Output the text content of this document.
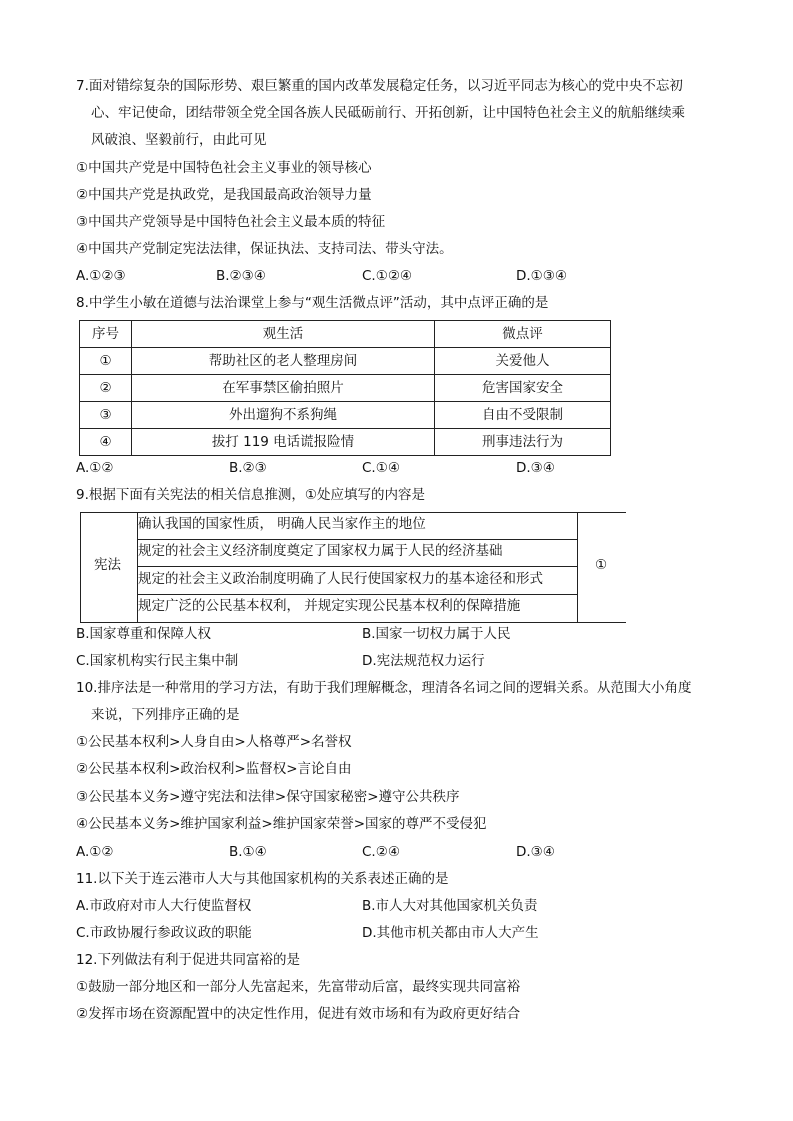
7.面对错综复杂的国际形势、艰巨繁重的国内改革发展稳定任务，以习近平同志为核心的党中央不忘初
心、牢记使命，团结带领全党全国各族人民砥砺前行、开拓创新，让中国特色社会主义的航船继续乘
风破浪、坚毅前行，由此可见
①中国共产党是中国特色社会主义事业的领导核心
②中国共产党是执政党，是我国最高政治领导力量
③中国共产党领导是中国特色社会主义最本质的特征
④中国共产党制定宪法法律，保证执法、支持司法、带头守法。
A.①②③	B.②③④	C.①②④	D.①③④
8.中学生小敏在道德与法治课堂上参与“观生活微点评”活动，其中点评正确的是
序号	观生活	微点评
①	帮助社区的老人整理房间	关爱他人
②	在军事禁区偷拍照片	危害国家安全
③	外出遛狗不系狗绳	自由不受限制
④	拔打 119 电话谎报险情	刑事违法行为
A.①②	B.②③	C.①④	D.③④
9.根据下面有关宪法的相关信息推测，①处应填写的内容是
宪法
确认我国的国家性质， 明确人民当家作主的地位
规定的社会主义经济制度奠定了国家权力属于人民的经济基础
规定的社会主义政治制度明确了人民行使国家权力的基本途径和形式
规定广泛的公民基本权利， 并规定实现公民基本权利的保障措施
①
B.国家尊重和保障人权	B.国家一切权力属于人民
C.国家机构实行民主集中制	D.宪法规范权力运行
10.排序法是一种常用的学习方法，有助于我们理解概念，理清各名词之间的逻辑关系。从范围大小角度
来说，下列排序正确的是
①公民基本权利>人身自由>人格尊严>名誉权
②公民基本权利>政治权利>监督权>言论自由
③公民基本义务>遵守宪法和法律>保守国家秘密>遵守公共秩序
④公民基本义务>维护国家利益>维护国家荣誉>国家的尊严不受侵犯
A.①②	B.①④	C.②④	D.③④
11.以下关于连云港市人大与其他国家机构的关系表述正确的是
A.市政府对市人大行使监督权	B.市人大对其他国家机关负责
C.市政协履行参政议政的职能	D.其他市机关都由市人大产生
12.下列做法有利于促进共同富裕的是
①鼓励一部分地区和一部分人先富起来，先富带动后富，最终实现共同富裕
②发挥市场在资源配置中的决定性作用，促进有效市场和有为政府更好结合
